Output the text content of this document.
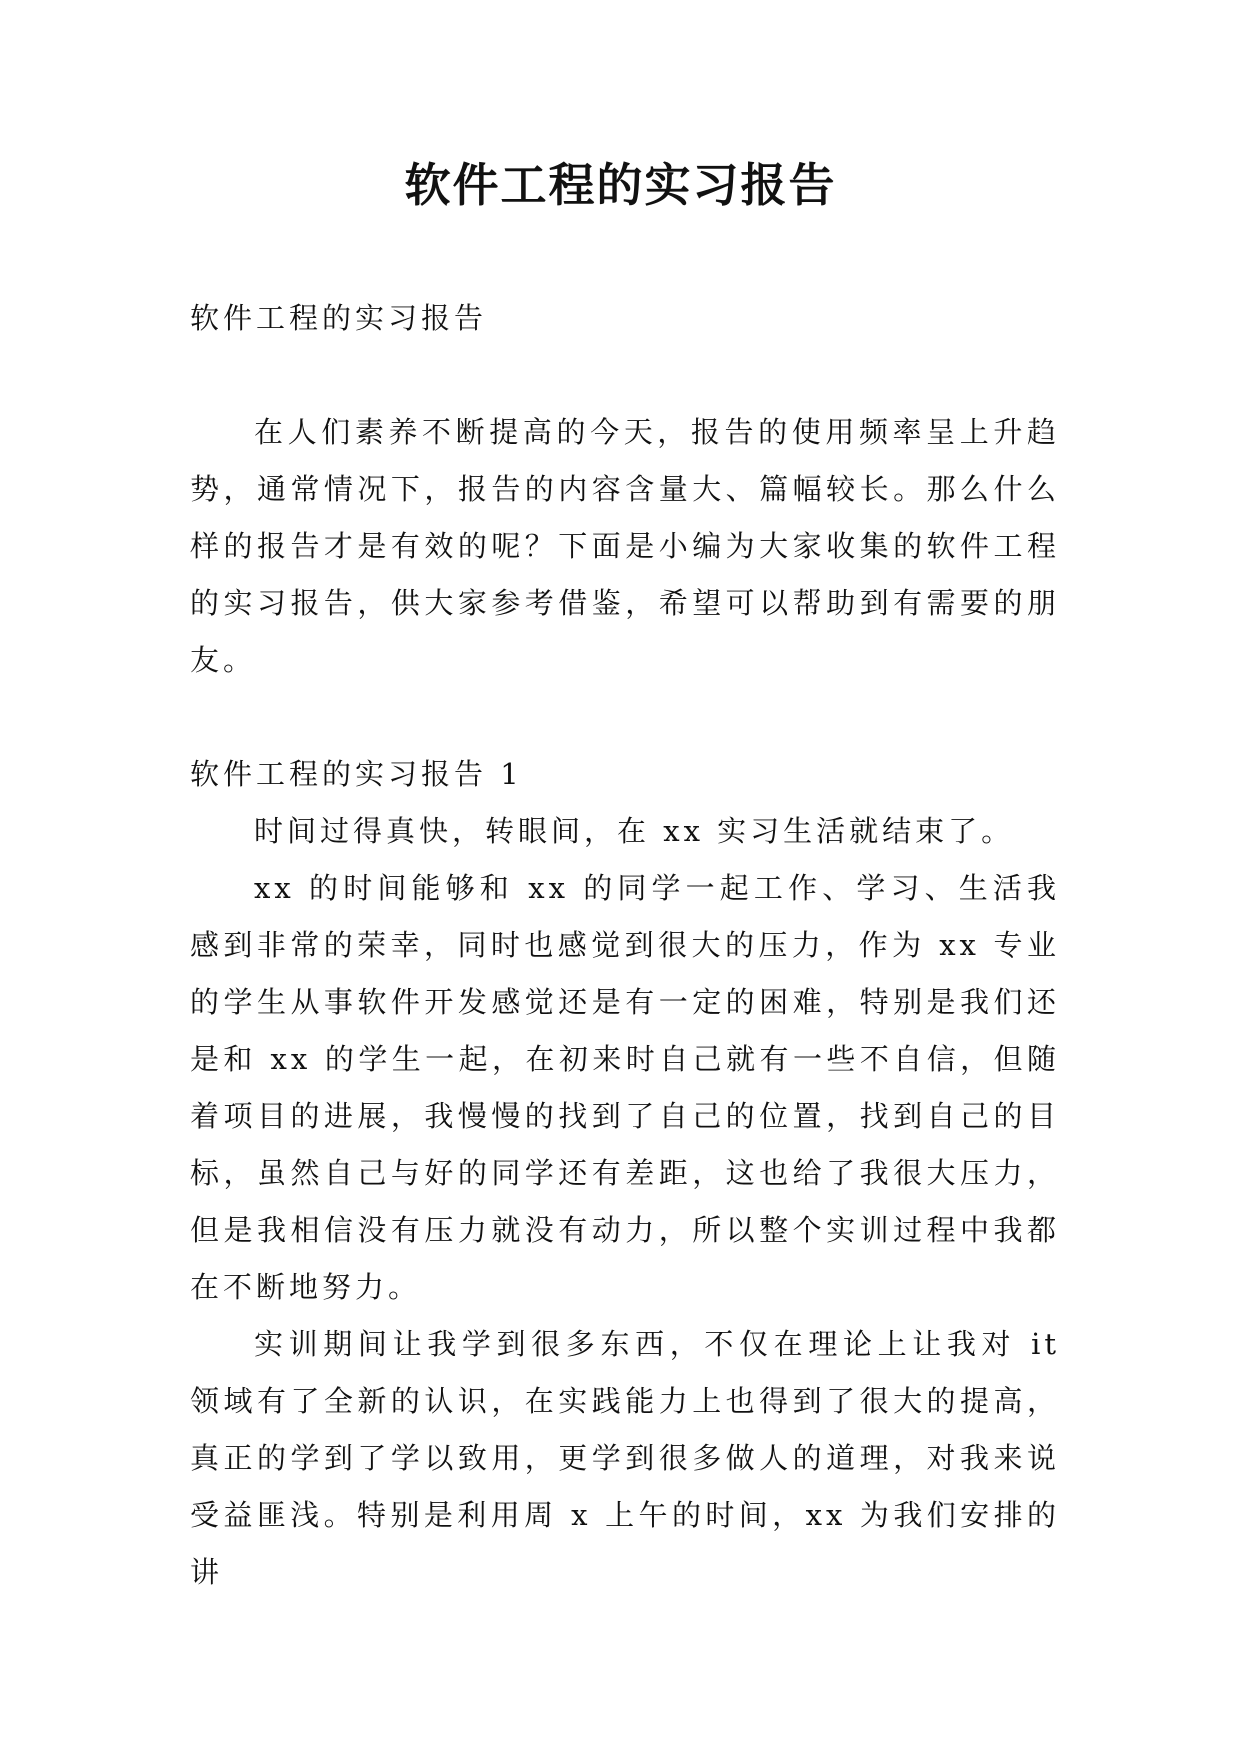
软件工程的实习报告

软件工程的实习报告

在人们素养不断提高的今天，报告的使用频率呈上升趋势，通常情况下，报告的内容含量大、篇幅较长。那么什么样的报告才是有效的呢？下面是小编为大家收集的软件工程的实习报告，供大家参考借鉴，希望可以帮助到有需要的朋友。

软件工程的实习报告 1

时间过得真快，转眼间，在 xx 实习生活就结束了。

xx 的时间能够和 xx 的同学一起工作、学习、生活我感到非常的荣幸，同时也感觉到很大的压力，作为 xx 专业的学生从事软件开发感觉还是有一定的困难，特别是我们还是和 xx 的学生一起，在初来时自己就有一些不自信，但随着项目的进展，我慢慢的找到了自己的位置，找到自己的目标，虽然自己与好的同学还有差距，这也给了我很大压力，但是我相信没有压力就没有动力，所以整个实训过程中我都在不断地努力。

实训期间让我学到很多东西，不仅在理论上让我对 it 领域有了全新的认识，在实践能力上也得到了很大的提高，真正的学到了学以致用，更学到很多做人的道理，对我来说受益匪浅。特别是利用周 x 上午的时间，xx 为我们安排的讲
